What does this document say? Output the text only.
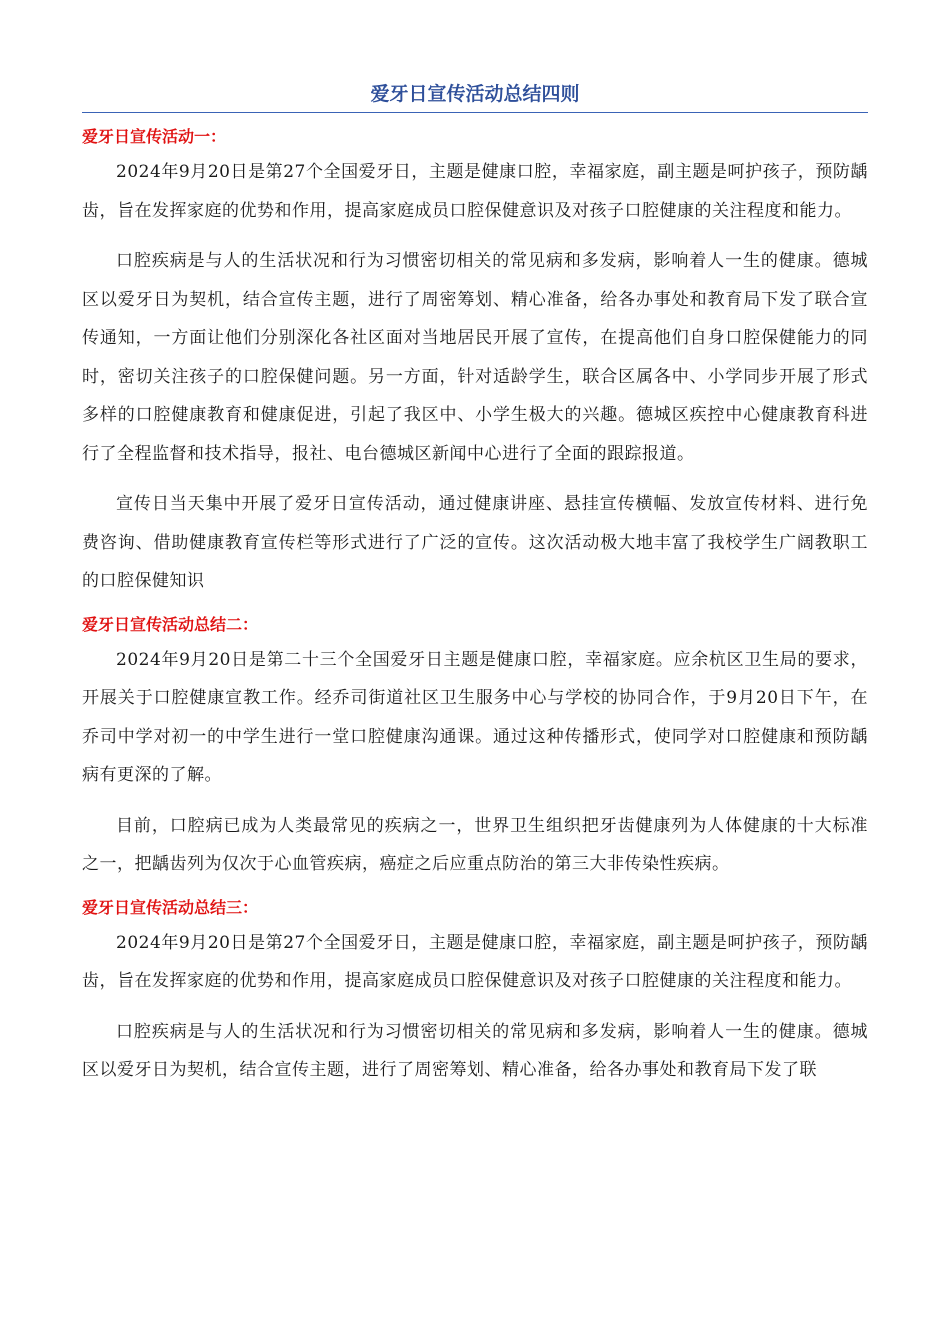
爱牙日宣传活动总结四则
爱牙日宣传活动一：

2024年9月20日是第27个全国爱牙日，主题是健康口腔，幸福家庭，副主题是呵护孩子，预防龋齿，旨在发挥家庭的优势和作用，提高家庭成员口腔保健意识及对孩子口腔健康的关注程度和能力。

口腔疾病是与人的生活状况和行为习惯密切相关的常见病和多发病，影响着人一生的健康。德城区以爱牙日为契机，结合宣传主题，进行了周密筹划、精心准备，给各办事处和教育局下发了联合宣传通知，一方面让他们分别深化各社区面对当地居民开展了宣传，在提高他们自身口腔保健能力的同时，密切关注孩子的口腔保健问题。另一方面，针对适龄学生，联合区属各中、小学同步开展了形式多样的口腔健康教育和健康促进，引起了我区中、小学生极大的兴趣。德城区疾控中心健康教育科进行了全程监督和技术指导，报社、电台德城区新闻中心进行了全面的跟踪报道。

宣传日当天集中开展了爱牙日宣传活动，通过健康讲座、悬挂宣传横幅、发放宣传材料、进行免费咨询、借助健康教育宣传栏等形式进行了广泛的宣传。这次活动极大地丰富了我校学生广阔教职工的口腔保健知识

爱牙日宣传活动总结二：

2024年9月20日是第二十三个全国爱牙日主题是健康口腔，幸福家庭。应余杭区卫生局的要求，开展关于口腔健康宣教工作。经乔司街道社区卫生服务中心与学校的协同合作，于9月20日下午，在乔司中学对初一的中学生进行一堂口腔健康沟通课。通过这种传播形式，使同学对口腔健康和预防龋病有更深的了解。

目前，口腔病已成为人类最常见的疾病之一，世界卫生组织把牙齿健康列为人体健康的十大标准之一，把龋齿列为仅次于心血管疾病，癌症之后应重点防治的第三大非传染性疾病。

爱牙日宣传活动总结三：

2024年9月20日是第27个全国爱牙日，主题是健康口腔，幸福家庭，副主题是呵护孩子，预防龋齿，旨在发挥家庭的优势和作用，提高家庭成员口腔保健意识及对孩子口腔健康的关注程度和能力。

口腔疾病是与人的生活状况和行为习惯密切相关的常见病和多发病，影响着人一生的健康。德城区以爱牙日为契机，结合宣传主题，进行了周密筹划、精心准备，给各办事处和教育局下发了联
